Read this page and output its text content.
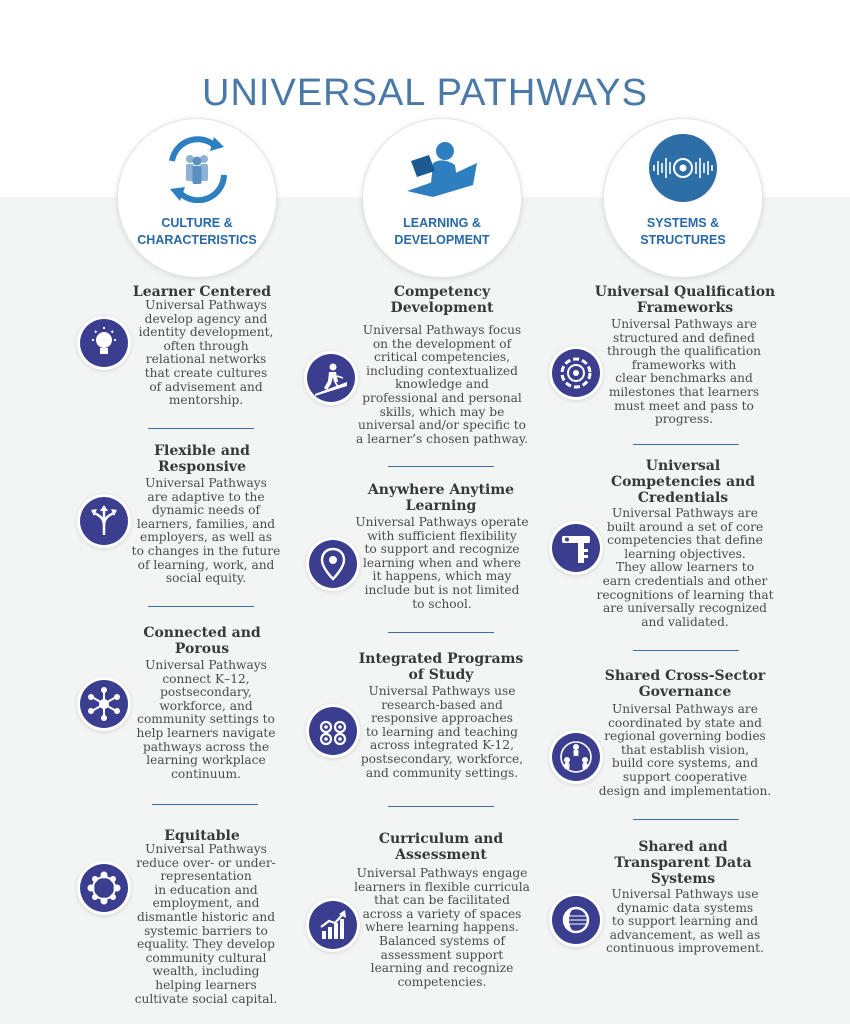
UNIVERSAL PATHWAYS
CULTURE &
CHARACTERISTICS
LEARNING &
DEVELOPMENT
SYSTEMS &
STRUCTURES
Learner Centered
Universal Pathways
develop agency and
identity development,
often through
relational networks
that create cultures
of advisement and
mentorship.
Flexible and
Responsive
Universal Pathways
are adaptive to the
dynamic needs of
learners, families, and
employers, as well as
to changes in the future
of learning, work, and
social equity.
Connected and
Porous
Universal Pathways
connect K–12,
postsecondary,
workforce, and
community settings to
help learners navigate
pathways across the
learning workplace
continuum.
Equitable
Universal Pathways
reduce over- or under-
representation
in education and
employment, and
dismantle historic and
systemic barriers to
equality. They develop
community cultural
wealth, including
helping learners
cultivate social capital.
Competency
Development
Universal Pathways focus
on the development of
critical competencies,
including contextualized
knowledge and
professional and personal
skills, which may be
universal and/or specific to
a learner’s chosen pathway.
Anywhere Anytime
Learning
Universal Pathways operate
with sufficient flexibility
to support and recognize
learning when and where
it happens, which may
include but is not limited
to school.
Integrated Programs
of Study
Universal Pathways use
research-based and
responsive approaches
to learning and teaching
across integrated K-12,
postsecondary, workforce,
and community settings.
Curriculum and
Assessment
Universal Pathways engage
learners in flexible curricula
that can be facilitated
across a variety of spaces
where learning happens.
Balanced systems of
assessment support
learning and recognize
competencies.
Universal Qualification
Frameworks
Universal Pathways are
structured and defined
through the qualification
frameworks with
clear benchmarks and
milestones that learners
must meet and pass to
progress.
Universal
Competencies and
Credentials
Universal Pathways are
built around a set of core
competencies that define
learning objectives.
They allow learners to
earn credentials and other
recognitions of learning that
are universally recognized
and validated.
Shared Cross-Sector
Governance
Universal Pathways are
coordinated by state and
regional governing bodies
that establish vision,
build core systems, and
support cooperative
design and implementation.
Shared and
Transparent Data
Systems
Universal Pathways use
dynamic data systems
to support learning and
advancement, as well as
continuous improvement.
